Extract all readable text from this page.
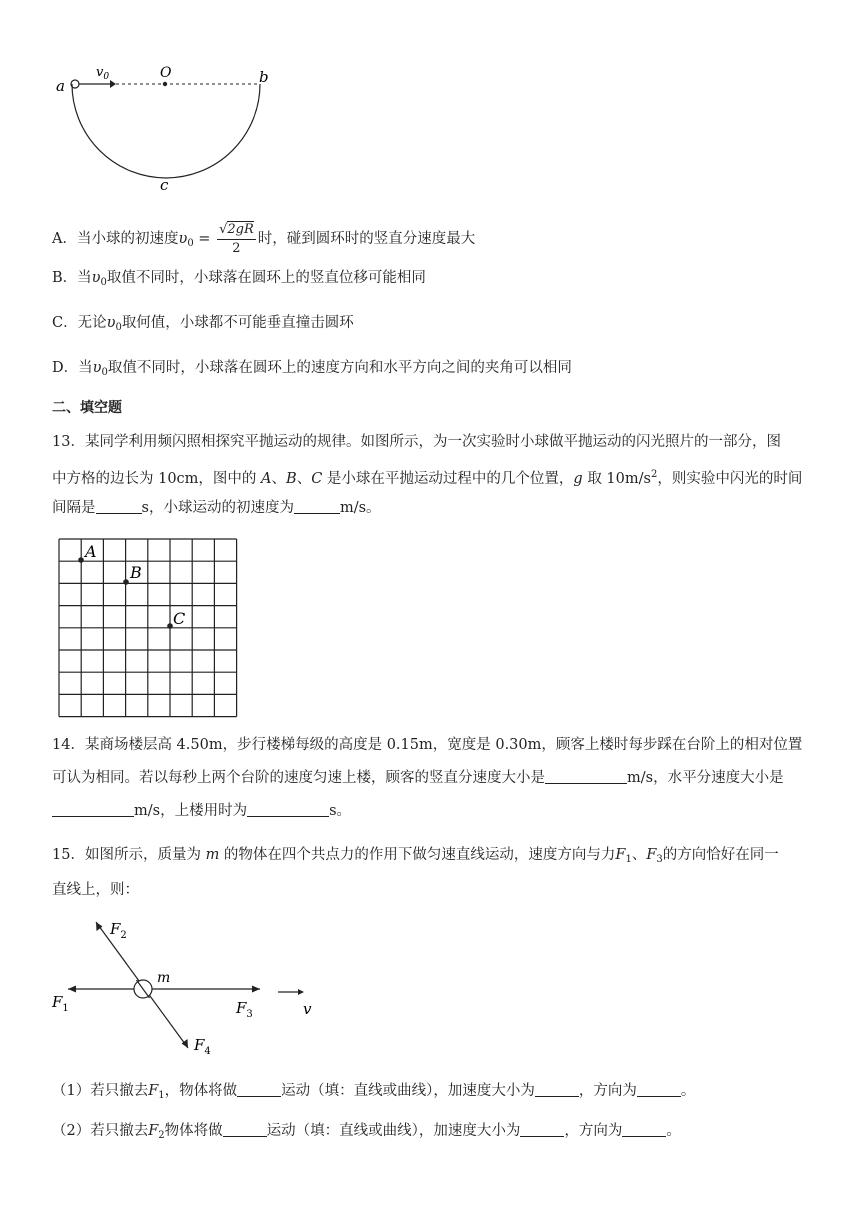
a
$v_0$	O	b
c
A．当小球的初速度$\upsilon_0 = \frac{√2gR}{2}$ 时，碰到圆环时的竖直分速度最大
B．当$\upsilon_0$取值不同时，小球落在圆环上的竖直位移可能相同
C．无论$\upsilon_0$取何值，小球都不可能垂直撞击圆环
D．当$\upsilon_0$取值不同时，小球落在圆环上的速度方向和水平方向之间的夹角可以相同
二、填空题
13．某同学利用频闪照相探究平抛运动的规律。如图所示，为一次实验时小球做平抛运动的闪光照片的一部分，图
中方格的边长为 10cm，图中的 A、B、C 是小球在平抛运动过程中的几个位置，g 取 $10m/s^2$，则实验中闪光的时间
间隔是	s，小球运动的初速度为	m/s。
A
B
C
14．某商场楼层高 4.50m，步行楼梯每级的高度是 0.15m，宽度是 0.30m，顾客上楼时每步踩在台阶上的相对位置
可认为相同。若以每秒上两个台阶的速度匀速上楼，顾客的竖直分速度大小是	m/s，水平分速度大小是
m/s，上楼用时为	s。
15．如图所示，质量为 m 的物体在四个共点力的作用下做匀速直线运动，速度方向与力$F_1$、$F_3$的方向恰好在同一
直线上，则：
m
$F_2$
$F_1$	$F_3$
$F_4$
v
（1）若只撤去$F_1$，物体将做	运动（填：直线或曲线），加速度大小为	，方向为	。
（2）若只撤去$F_2$物体将做	运动（填：直线或曲线），加速度大小为	，方向为	。
